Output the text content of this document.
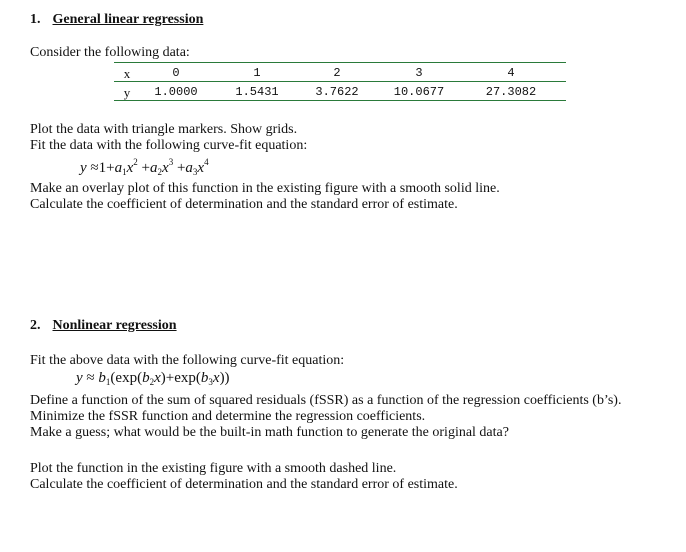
1. General linear regression
Consider the following data:
x	0	1	2	3	4
y	1.0000	1.5431	3.7622	10.0677	27.3082
Plot the data with triangle markers. Show grids.
Fit the data with the following curve-fit equation:
$y \approx 1+a_1x^2 +a_2x^3 +a_3x^4$
Make an overlay plot of this function in the existing figure with a smooth solid line.
Calculate the coefficient of determination and the standard error of estimate.
2. Nonlinear regression
Fit the above data with the following curve-fit equation:
$y \approx b_1(\exp(b_2x)+\exp(b_3x))$
Define a function of the sum of squared residuals (fSSR) as a function of the regression coefficients (b’s).
Minimize the fSSR function and determine the regression coefficients.
Make a guess; what would be the built-in math function to generate the original data?
Plot the function in the existing figure with a smooth dashed line.
Calculate the coefficient of determination and the standard error of estimate.
